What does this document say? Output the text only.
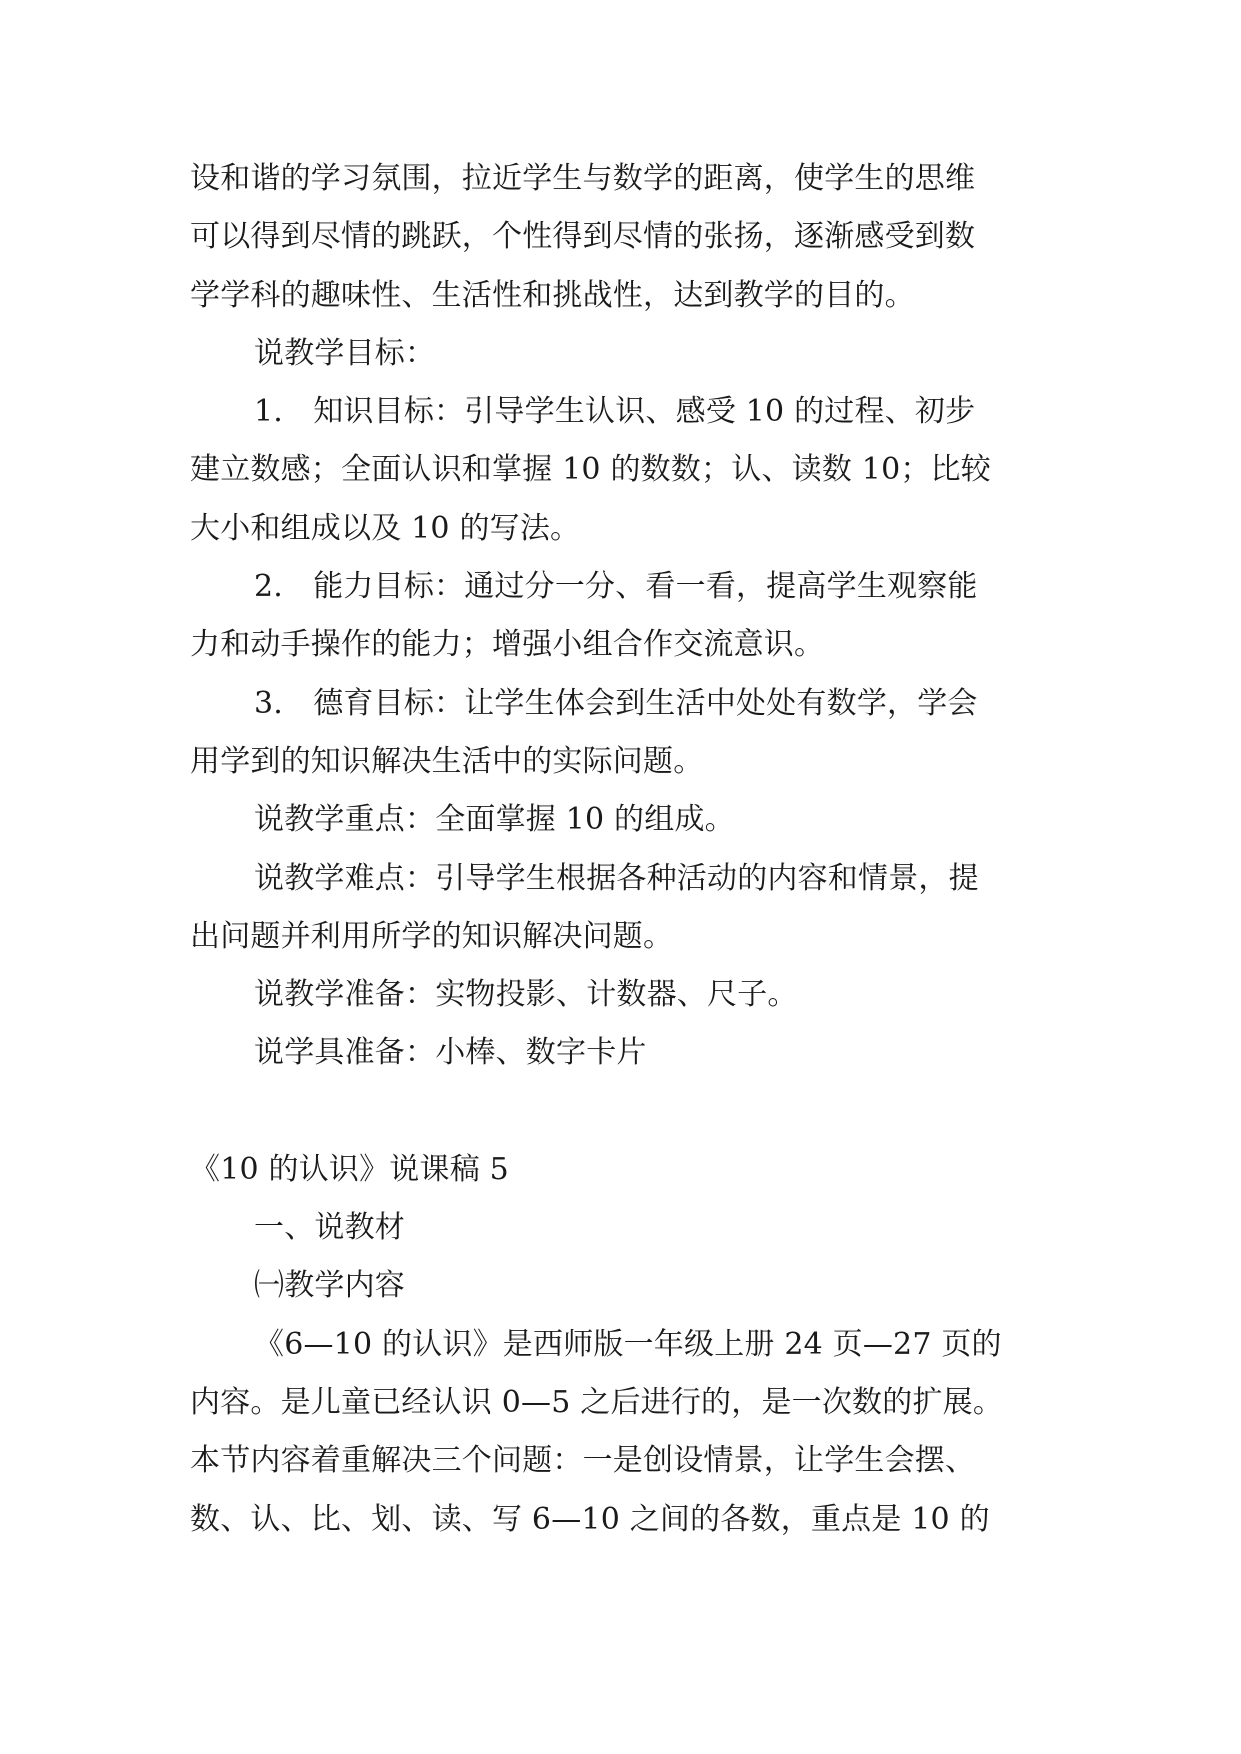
设和谐的学习氛围，拉近学生与数学的距离，使学生的思维
可以得到尽情的跳跃，个性得到尽情的张扬，逐渐感受到数
学学科的趣味性、生活性和挑战性，达到教学的目的。
说教学目标：
1.　知识目标：引导学生认识、感受 10 的过程、初步
建立数感；全面认识和掌握 10 的数数；认、读数 10；比较
大小和组成以及 10 的写法。
2.　能力目标：通过分一分、看一看，提高学生观察能
力和动手操作的能力；增强小组合作交流意识。
3.　德育目标：让学生体会到生活中处处有数学，学会
用学到的知识解决生活中的实际问题。
说教学重点：全面掌握 10 的组成。
说教学难点：引导学生根据各种活动的内容和情景，提
出问题并利用所学的知识解决问题。
说教学准备：实物投影、计数器、尺子。
说学具准备：小棒、数字卡片
《10 的认识》说课稿 5
一、说教材
㈠教学内容
《6—10 的认识》是西师版一年级上册 24 页—27 页的
内容。是儿童已经认识 0—5 之后进行的，是一次数的扩展。
本节内容着重解决三个问题：一是创设情景，让学生会摆、
数、认、比、划、读、写 6—10 之间的各数，重点是 10 的
